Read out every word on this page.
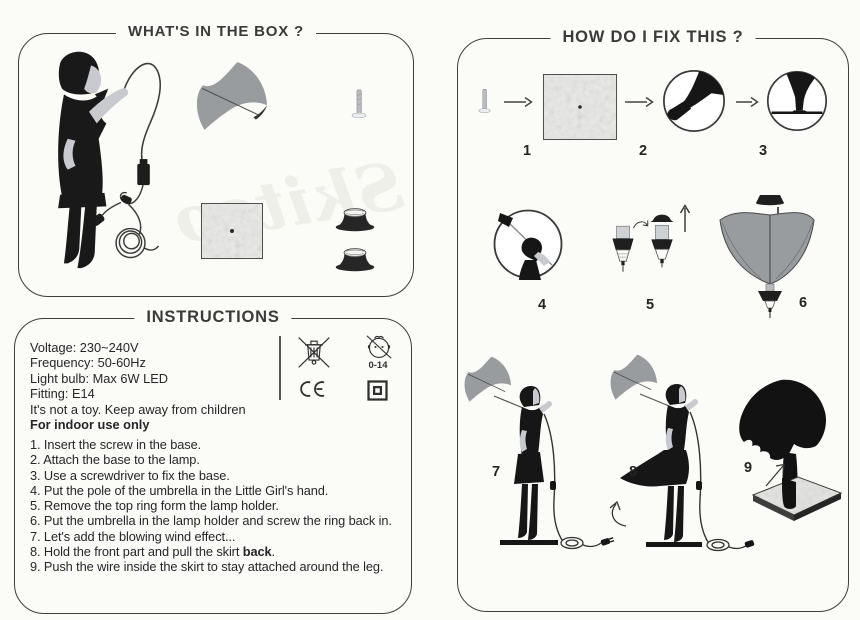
WHAT'S IN THE BOX ?
Skitso
INSTRUCTIONS
Voltage: 230~240V
Frequency: 50-60Hz
Light bulb: Max 6W LED
Fitting: E14
It's not a toy. Keep away from children
For indoor use only
0-14
1. Insert the screw in the base.
2. Attach the base to the lamp.
3. Use a screwdriver to fix the base.
4. Put the pole of the umbrella in the Little Girl's hand.
5. Remove the top ring form the lamp holder.
6. Put the umbrella in the lamp holder and screw the ring back in.
7. Let's add the blowing wind effect...
8. Hold the front part and pull the skirt back.
9. Push the wire inside the skirt to stay attached around the leg.
HOW DO I FIX THIS ?
1	2	3
4	5	6
7	8	9
